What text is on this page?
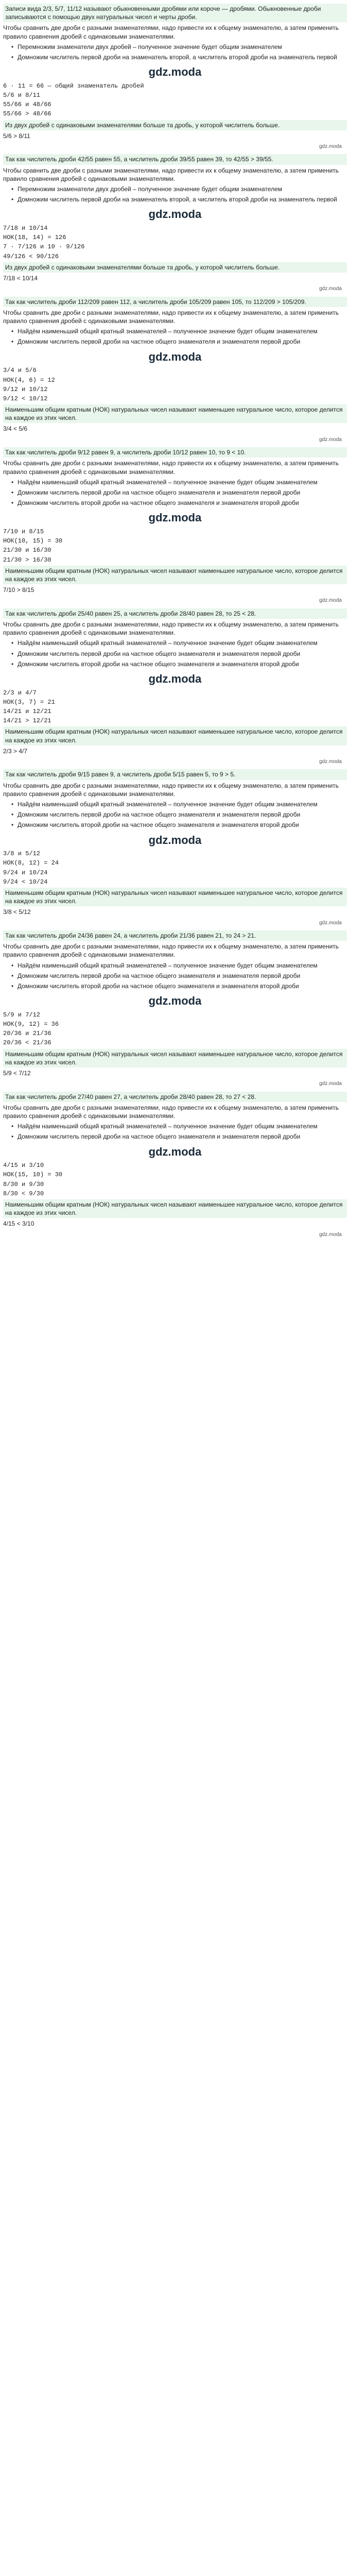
Записи вида 2/3, 5/7, 11/12 называют обыкновенными дробями или короче — дробями. Обыкновенные дроби записываются с помощью двух натуральных чисел и черты дроби.

Чтобы сравнить две дроби с разными знаменателями, надо привести их к общему знаменателю, а затем применить правило сравнения дробей с одинаковыми знаменателями.

• Перемножим знаменатели двух дробей – полученное значение будет общим знаменателем

• Домножим числитель первой дроби на знаменатель второй, а числитель второй дроби на знаменатель первой

gdz.moda

6 · 11 = 66 — общий знаменатель дробей

5/6 и 8/11

55/66 и 48/66

55/66 > 48/66

Из двух дробей с одинаковыми знаменателями больше та дробь, у которой числитель больше.

5/6 > 8/11

gdz.moda

Так как числитель дроби 42/55 равен 55, а числитель дроби 39/55 равен 39, то 42/55 > 39/55.

Чтобы сравнить две дроби с разными знаменателями, надо привести их к общему знаменателю, а затем применить правило сравнения дробей с одинаковыми знаменателями.

• Перемножим знаменатели двух дробей – полученное значение будет общим знаменателем

• Домножим числитель первой дроби на знаменатель второй, а числитель второй дроби на знаменатель первой

gdz.moda

7/18 и 10/14

НОК(18, 14) = 126

7 · 7/126 и 10 · 9/126

49/126 < 90/126

Из двух дробей с одинаковыми знаменателями больше та дробь, у которой числитель больше.

7/18 < 10/14

gdz.moda

Так как числитель дроби 112/209 равен 112, а числитель дроби 105/209 равен 105, то 112/209 > 105/209.

Чтобы сравнить две дроби с разными знаменателями, надо привести их к общему знаменателю, а затем применить правило сравнения дробей с одинаковыми знаменателями.

• Найдём наименьший общий кратный знаменателей – полученное значение будет общим знаменателем

• Домножим числитель первой дроби на частное общего знаменателя и знаменателя первой дроби

gdz.moda

3/4 и 5/6

НОК(4, 6) = 12

9/12 и 10/12

9/12 < 10/12

Наименьшим общим кратным (НОК) натуральных чисел называют наименьшее натуральное число, которое делится на каждое из этих чисел.

3/4 < 5/6

gdz.moda

Так как числитель дроби 9/12 равен 9, а числитель дроби 10/12 равен 10, то 9 < 10.

Чтобы сравнить две дроби с разными знаменателями, надо привести их к общему знаменателю, а затем применить правило сравнения дробей с одинаковыми знаменателями.

• Найдём наименьший общий кратный знаменателей – полученное значение будет общим знаменателем

• Домножим числитель первой дроби на частное общего знаменателя и знаменателя первой дроби

• Домножим числитель второй дроби на частное общего знаменателя и знаменателя второй дроби

gdz.moda

7/10 и 8/15

НОК(10, 15) = 30

21/30 и 16/30

21/30 > 16/30

Наименьшим общим кратным (НОК) натуральных чисел называют наименьшее натуральное число, которое делится на каждое из этих чисел.

7/10 > 8/15

gdz.moda

Так как числитель дроби 25/40 равен 25, а числитель дроби 28/40 равен 28, то 25 < 28.

Чтобы сравнить две дроби с разными знаменателями, надо привести их к общему знаменателю, а затем применить правило сравнения дробей с одинаковыми знаменателями.

• Найдём наименьший общий кратный знаменателей – полученное значение будет общим знаменателем

• Домножим числитель первой дроби на частное общего знаменателя и знаменателя первой дроби

• Домножим числитель второй дроби на частное общего знаменателя и знаменателя второй дроби

gdz.moda

2/3 и 4/7

НОК(3, 7) = 21

14/21 и 12/21

14/21 > 12/21

Наименьшим общим кратным (НОК) натуральных чисел называют наименьшее натуральное число, которое делится на каждое из этих чисел.

2/3 > 4/7

gdz.moda

Так как числитель дроби 9/15 равен 9, а числитель дроби 5/15 равен 5, то 9 > 5.

Чтобы сравнить две дроби с разными знаменателями, надо привести их к общему знаменателю, а затем применить правило сравнения дробей с одинаковыми знаменателями.

• Найдём наименьший общий кратный знаменателей – полученное значение будет общим знаменателем

• Домножим числитель первой дроби на частное общего знаменателя и знаменателя первой дроби

• Домножим числитель второй дроби на частное общего знаменателя и знаменателя второй дроби

gdz.moda

3/8 и 5/12

НОК(8, 12) = 24

9/24 и 10/24

9/24 < 10/24

Наименьшим общим кратным (НОК) натуральных чисел называют наименьшее натуральное число, которое делится на каждое из этих чисел.

3/8 < 5/12

gdz.moda

Так как числитель дроби 24/36 равен 24, а числитель дроби 21/36 равен 21, то 24 > 21.

Чтобы сравнить две дроби с разными знаменателями, надо привести их к общему знаменателю, а затем применить правило сравнения дробей с одинаковыми знаменателями.

• Найдём наименьший общий кратный знаменателей – полученное значение будет общим знаменателем

• Домножим числитель первой дроби на частное общего знаменателя и знаменателя первой дроби

• Домножим числитель второй дроби на частное общего знаменателя и знаменателя второй дроби

gdz.moda

5/9 и 7/12

НОК(9, 12) = 36

20/36 и 21/36

20/36 < 21/36

Наименьшим общим кратным (НОК) натуральных чисел называют наименьшее натуральное число, которое делится на каждое из этих чисел.

5/9 < 7/12

gdz.moda

Так как числитель дроби 27/40 равен 27, а числитель дроби 28/40 равен 28, то 27 < 28.

Чтобы сравнить две дроби с разными знаменателями, надо привести их к общему знаменателю, а затем применить правило сравнения дробей с одинаковыми знаменателями.

• Найдём наименьший общий кратный знаменателей – полученное значение будет общим знаменателем

• Домножим числитель первой дроби на частное общего знаменателя и знаменателя первой дроби

gdz.moda

4/15 и 3/10

НОК(15, 10) = 30

8/30 и 9/30

8/30 < 9/30

Наименьшим общим кратным (НОК) натуральных чисел называют наименьшее натуральное число, которое делится на каждое из этих чисел.

4/15 < 3/10

gdz.moda
